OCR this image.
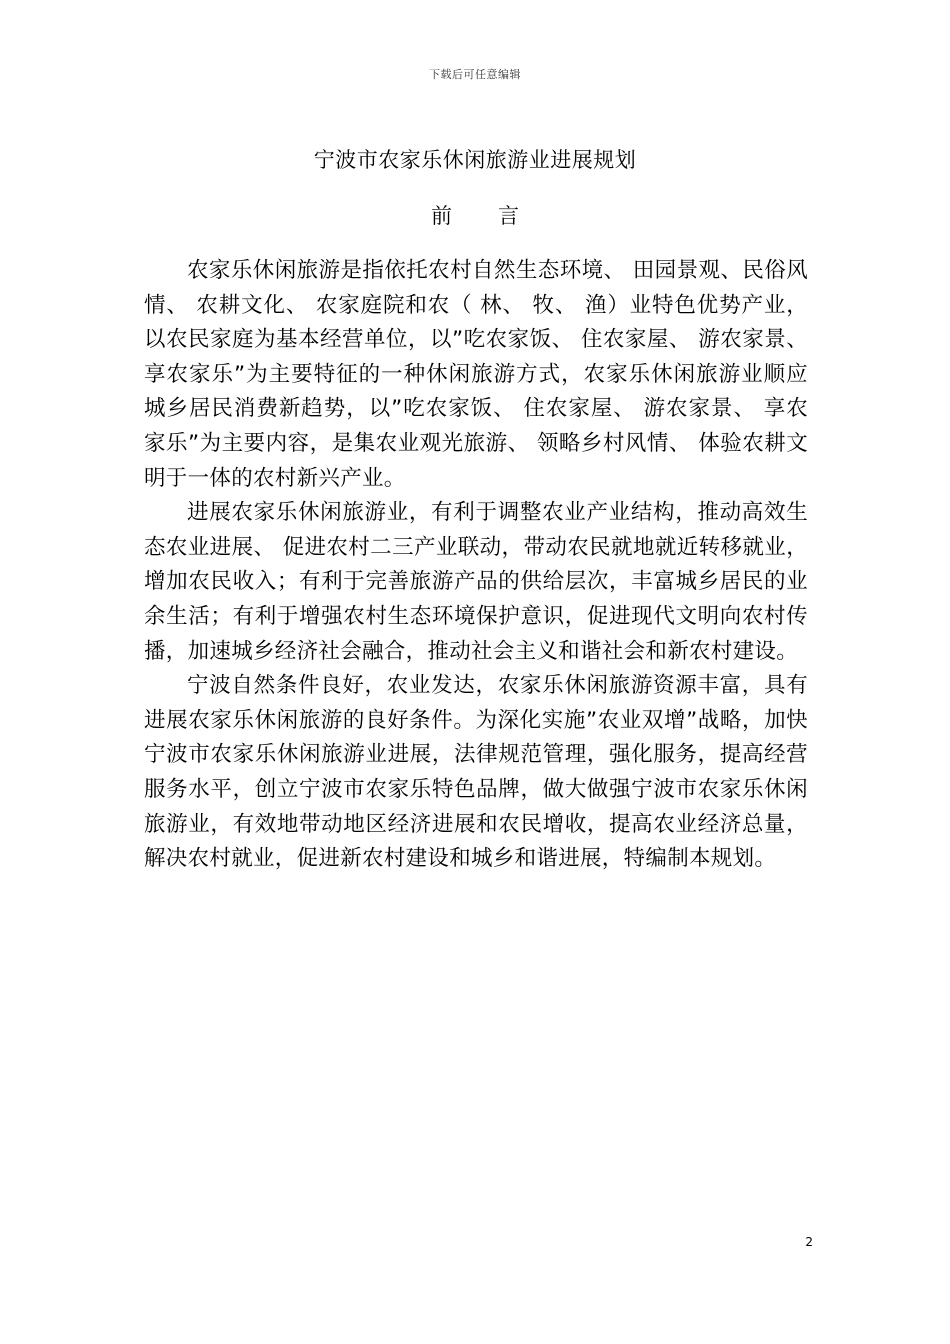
下载后可任意编辑
宁波市农家乐休闲旅游业进展规划
前 言

农家乐休闲旅游是指依托农村自然生态环境、 田园景观、民俗风情、 农耕文化、 农家庭院和农（ 林、 牧、 渔）业特色优势产业，以农民家庭为基本经营单位，以”吃农家饭、 住农家屋、 游农家景、 享农家乐”为主要特征的一种休闲旅游方式，农家乐休闲旅游业顺应城乡居民消费新趋势，以”吃农家饭、 住农家屋、 游农家景、 享农家乐”为主要内容，是集农业观光旅游、 领略乡村风情、 体验农耕文明于一体的农村新兴产业。

进展农家乐休闲旅游业，有利于调整农业产业结构，推动高效生态农业进展、 促进农村二三产业联动，带动农民就地就近转移就业，增加农民收入；有利于完善旅游产品的供给层次，丰富城乡居民的业余生活；有利于增强农村生态环境保护意识，促进现代文明向农村传播，加速城乡经济社会融合，推动社会主义和谐社会和新农村建设。

宁波自然条件良好，农业发达，农家乐休闲旅游资源丰富，具有进展农家乐休闲旅游的良好条件。为深化实施”农业双增”战略，加快宁波市农家乐休闲旅游业进展，法律规范管理，强化服务，提高经营服务水平，创立宁波市农家乐特色品牌，做大做强宁波市农家乐休闲旅游业，有效地带动地区经济进展和农民增收，提高农业经济总量，解决农村就业，促进新农村建设和城乡和谐进展，特编制本规划。

2
